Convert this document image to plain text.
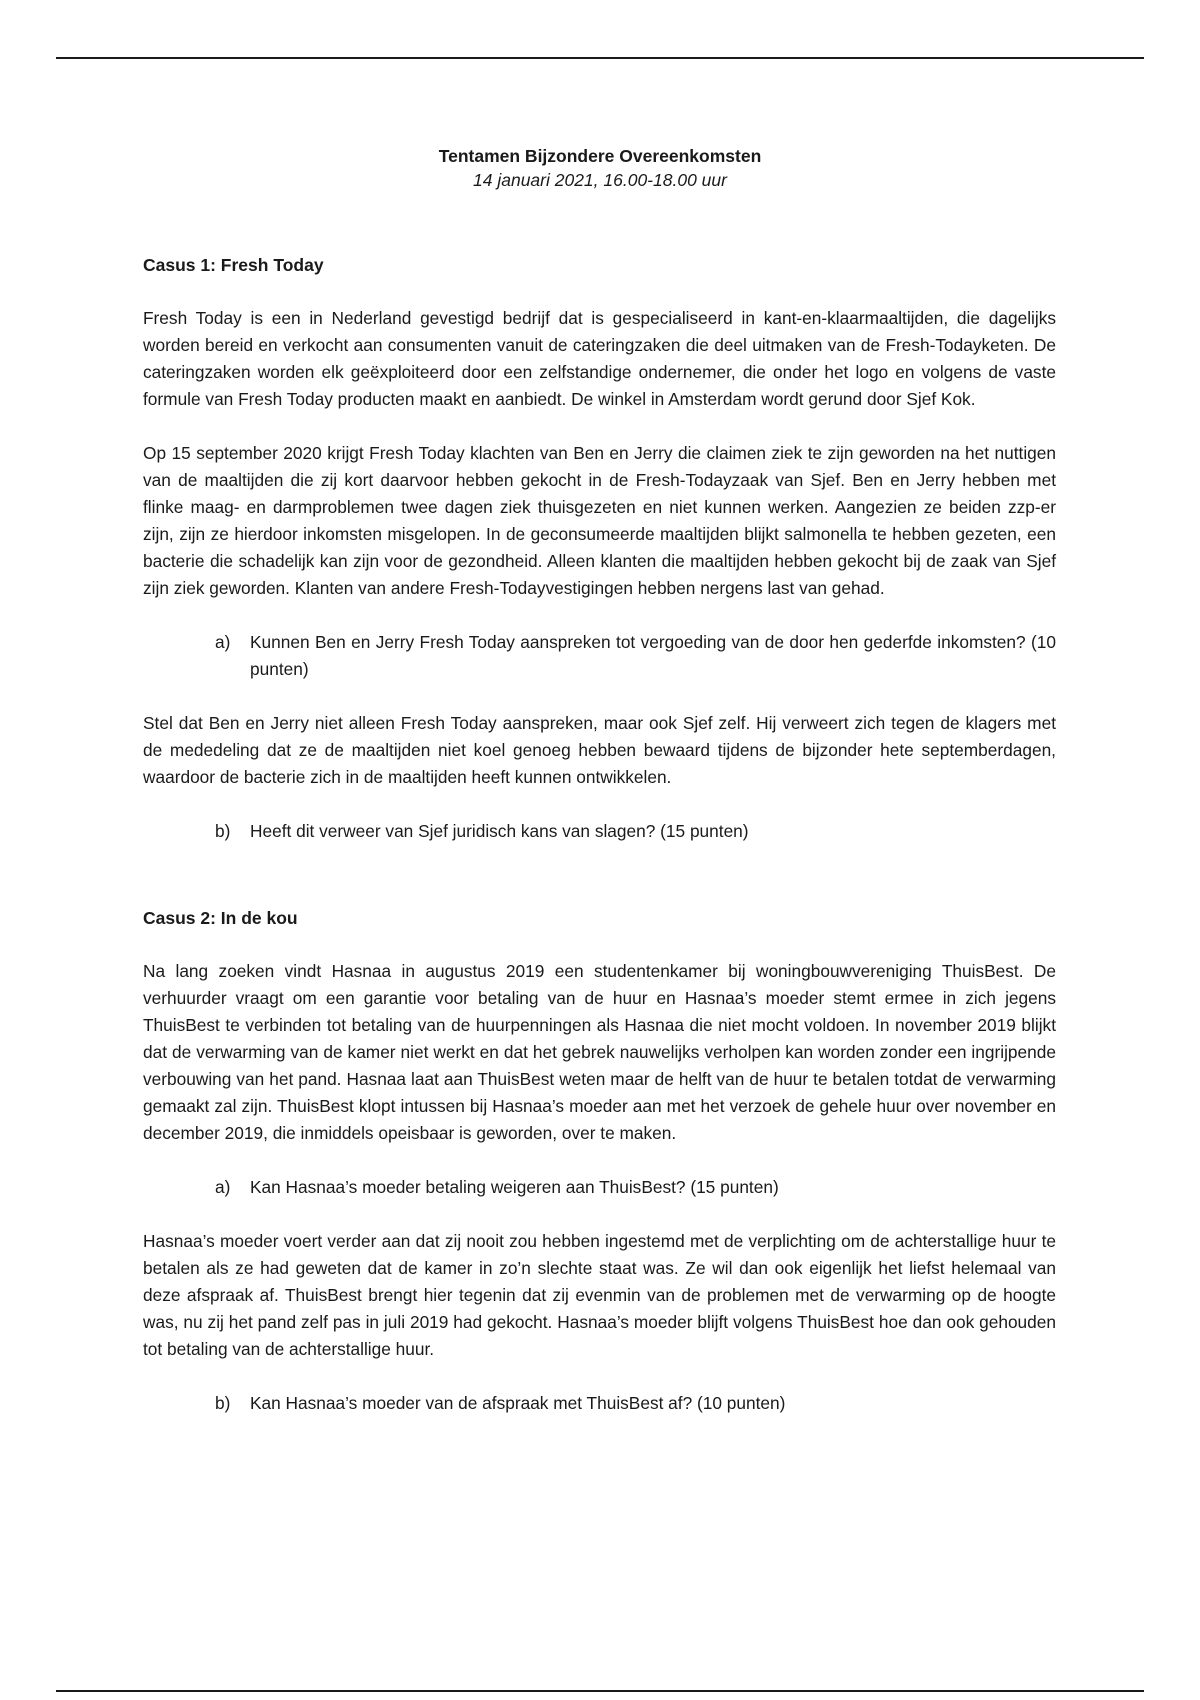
Tentamen Bijzondere Overeenkomsten
14 januari 2021, 16.00-18.00 uur
Casus 1: Fresh Today

Fresh Today is een in Nederland gevestigd bedrijf dat is gespecialiseerd in kant-en-klaarmaaltijden, die dagelijks worden bereid en verkocht aan consumenten vanuit de cateringzaken die deel uitmaken van de Fresh-Todayketen. De cateringzaken worden elk geëxploiteerd door een zelfstandige ondernemer, die onder het logo en volgens de vaste formule van Fresh Today producten maakt en aanbiedt. De winkel in Amsterdam wordt gerund door Sjef Kok.

Op 15 september 2020 krijgt Fresh Today klachten van Ben en Jerry die claimen ziek te zijn geworden na het nuttigen van de maaltijden die zij kort daarvoor hebben gekocht in de Fresh-Todayzaak van Sjef. Ben en Jerry hebben met flinke maag- en darmproblemen twee dagen ziek thuisgezeten en niet kunnen werken. Aangezien ze beiden zzp-er zijn, zijn ze hierdoor inkomsten misgelopen. In de geconsumeerde maaltijden blijkt salmonella te hebben gezeten, een bacterie die schadelijk kan zijn voor de gezondheid. Alleen klanten die maaltijden hebben gekocht bij de zaak van Sjef zijn ziek geworden. Klanten van andere Fresh-Todayvestigingen hebben nergens last van gehad.

a)	Kunnen Ben en Jerry Fresh Today aanspreken tot vergoeding van de door hen gederfde inkomsten? (10 punten)

Stel dat Ben en Jerry niet alleen Fresh Today aanspreken, maar ook Sjef zelf. Hij verweert zich tegen de klagers met de mededeling dat ze de maaltijden niet koel genoeg hebben bewaard tijdens de bijzonder hete septemberdagen, waardoor de bacterie zich in de maaltijden heeft kunnen ontwikkelen.

b)	Heeft dit verweer van Sjef juridisch kans van slagen? (15 punten)
Casus 2: In de kou

Na lang zoeken vindt Hasnaa in augustus 2019 een studentenkamer bij woningbouwvereniging ThuisBest. De verhuurder vraagt om een garantie voor betaling van de huur en Hasnaa’s moeder stemt ermee in zich jegens ThuisBest te verbinden tot betaling van de huurpenningen als Hasnaa die niet mocht voldoen. In november 2019 blijkt dat de verwarming van de kamer niet werkt en dat het gebrek nauwelijks verholpen kan worden zonder een ingrijpende verbouwing van het pand. Hasnaa laat aan ThuisBest weten maar de helft van de huur te betalen totdat de verwarming gemaakt zal zijn. ThuisBest klopt intussen bij Hasnaa’s moeder aan met het verzoek de gehele huur over november en december 2019, die inmiddels opeisbaar is geworden, over te maken.

a)	Kan Hasnaa’s moeder betaling weigeren aan ThuisBest? (15 punten)

Hasnaa’s moeder voert verder aan dat zij nooit zou hebben ingestemd met de verplichting om de achterstallige huur te betalen als ze had geweten dat de kamer in zo’n slechte staat was. Ze wil dan ook eigenlijk het liefst helemaal van deze afspraak af. ThuisBest brengt hier tegenin dat zij evenmin van de problemen met de verwarming op de hoogte was, nu zij het pand zelf pas in juli 2019 had gekocht. Hasnaa’s moeder blijft volgens ThuisBest hoe dan ook gehouden tot betaling van de achterstallige huur.

b)	Kan Hasnaa’s moeder van de afspraak met ThuisBest af? (10 punten)
